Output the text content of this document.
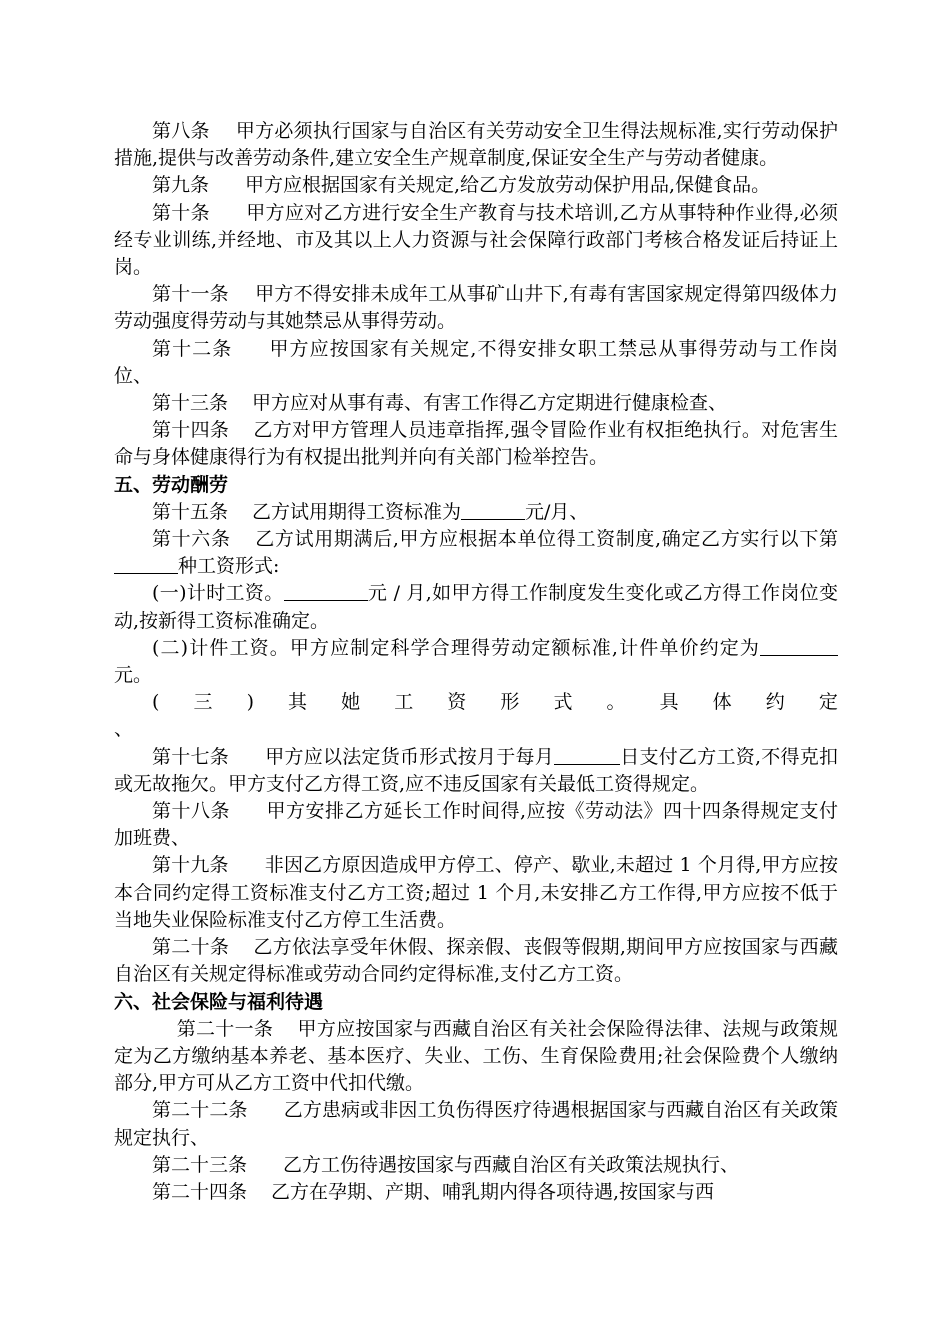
第八条 甲方必须执行国家与自治区有关劳动安全卫生得法规标准,实行劳动保护措施,提供与改善劳动条件,建立安全生产规章制度,保证安全生产与劳动者健康。

第九条 甲方应根据国家有关规定,给乙方发放劳动保护用品,保健食品。

第十条 甲方应对乙方进行安全生产教育与技术培训,乙方从事特种作业得,必须经专业训练,并经地、市及其以上人力资源与社会保障行政部门考核合格发证后持证上岗。

第十一条 甲方不得安排未成年工从事矿山井下,有毒有害国家规定得第四级体力劳动强度得劳动与其她禁忌从事得劳动。

第十二条 甲方应按国家有关规定,不得安排女职工禁忌从事得劳动与工作岗位、

第十三条 甲方应对从事有毒、有害工作得乙方定期进行健康检查、

第十四条 乙方对甲方管理人员违章指挥,强令冒险作业有权拒绝执行。对危害生命与身体健康得行为有权提出批判并向有关部门检举控告。

五、劳动酬劳

第十五条 乙方试用期得工资标准为	元/月、

第十六条 乙方试用期满后,甲方应根据本单位得工资制度,确定乙方实行以下第种工资形式:

(一)计时工资。	元 / 月,如甲方得工作制度发生变化或乙方得工作岗位变动,按新得工资标准确定。

(二)计件工资。甲方应制定科学合理得劳动定额标准,计件单价约定为元。

( 三 ) 其 她 工 资 形 式 。 具 体 约 定

、

第十七条 甲方应以法定货币形式按月于每月	日支付乙方工资,不得克扣或无故拖欠。甲方支付乙方得工资,应不违反国家有关最低工资得规定。

第十八条 甲方安排乙方延长工作时间得,应按《劳动法》四十四条得规定支付加班费、

第十九条 非因乙方原因造成甲方停工、停产、歇业,未超过 1 个月得,甲方应按本合同约定得工资标准支付乙方工资;超过 1 个月,未安排乙方工作得,甲方应按不低于当地失业保险标准支付乙方停工生活费。

第二十条 乙方依法享受年休假、探亲假、丧假等假期,期间甲方应按国家与西藏自治区有关规定得标准或劳动合同约定得标准,支付乙方工资。

六、社会保险与福利待遇

第二十一条 甲方应按国家与西藏自治区有关社会保险得法律、法规与政策规定为乙方缴纳基本养老、基本医疗、失业、工伤、生育保险费用;社会保险费个人缴纳部分,甲方可从乙方工资中代扣代缴。

第二十二条 乙方患病或非因工负伤得医疗待遇根据国家与西藏自治区有关政策规定执行、

第二十三条 乙方工伤待遇按国家与西藏自治区有关政策法规执行、

第二十四条 乙方在孕期、产期、哺乳期内得各项待遇,按国家与西
